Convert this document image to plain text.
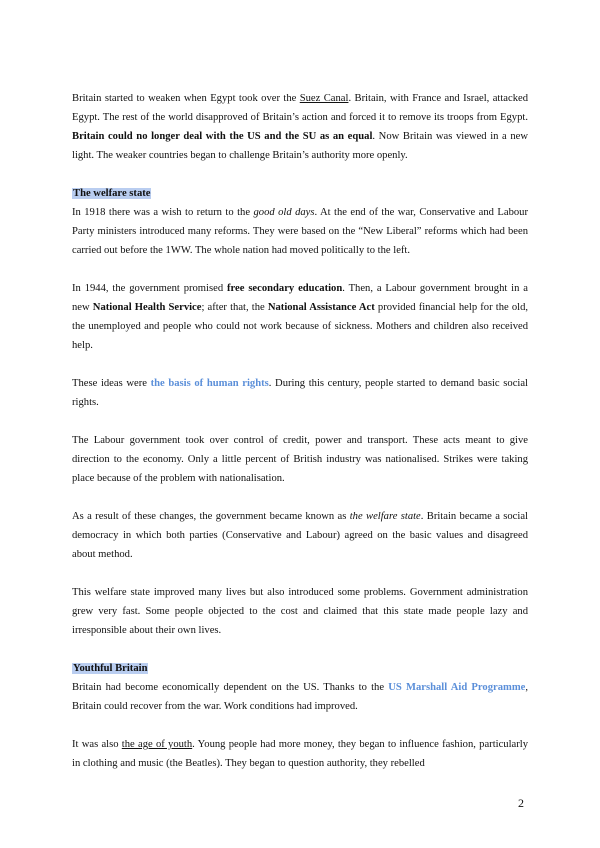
Britain started to weaken when Egypt took over the Suez Canal. Britain, with France and Israel, attacked Egypt. The rest of the world disapproved of Britain’s action and forced it to remove its troops from Egypt. Britain could no longer deal with the US and the SU as an equal. Now Britain was viewed in a new light. The weaker countries began to challenge Britain’s authority more openly.

The welfare state

In 1918 there was a wish to return to the good old days. At the end of the war, Conservative and Labour Party ministers introduced many reforms. They were based on the “New Liberal” reforms which had been carried out before the 1WW. The whole nation had moved politically to the left.

In 1944, the government promised free secondary education. Then, a Labour government brought in a new National Health Service; after that, the National Assistance Act provided financial help for the old, the unemployed and people who could not work because of sickness. Mothers and children also received help.

These ideas were the basis of human rights. During this century, people started to demand basic social rights.

The Labour government took over control of credit, power and transport. These acts meant to give direction to the economy. Only a little percent of British industry was nationalised. Strikes were taking place because of the problem with nationalisation.

As a result of these changes, the government became known as the welfare state. Britain became a social democracy in which both parties (Conservative and Labour) agreed on the basic values and disagreed about method.

This welfare state improved many lives but also introduced some problems. Government administration grew very fast. Some people objected to the cost and claimed that this state made people lazy and irresponsible about their own lives.

Youthful Britain

Britain had become economically dependent on the US. Thanks to the US Marshall Aid Programme, Britain could recover from the war. Work conditions had improved.

It was also the age of youth. Young people had more money, they began to influence fashion, particularly in clothing and music (the Beatles). They began to question authority, they rebelled

2
